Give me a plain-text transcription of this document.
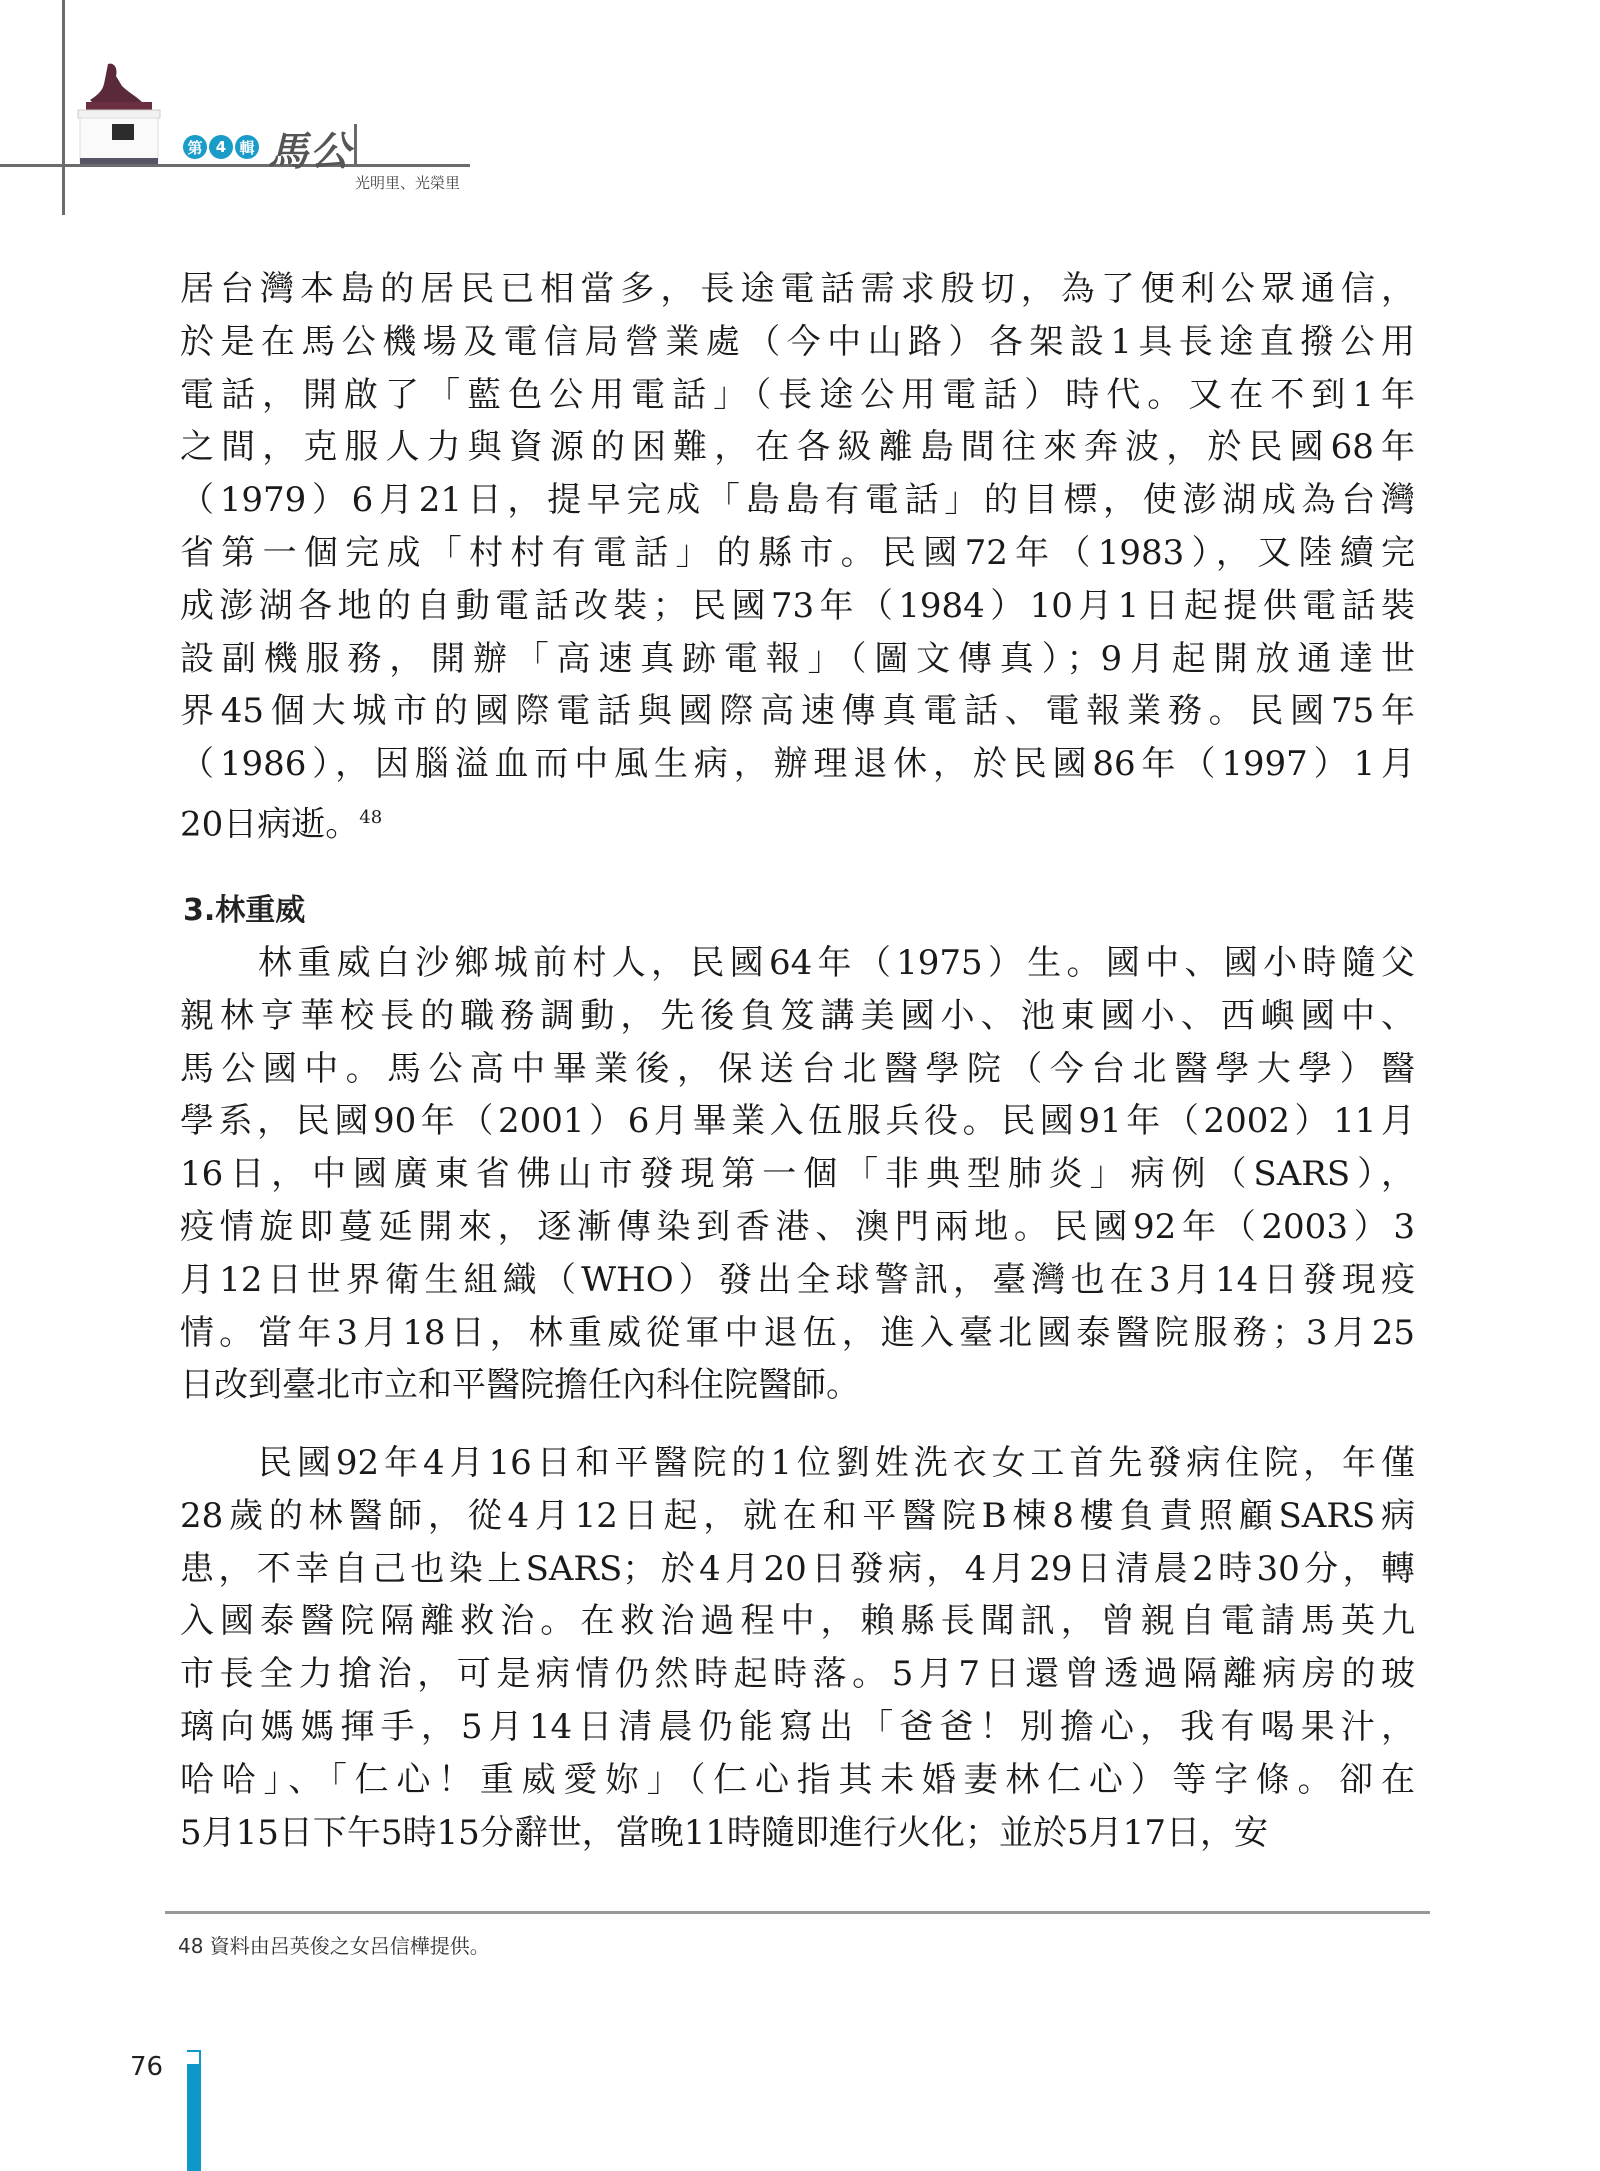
第 4 輯 馬公
光明里、光榮里
居台灣本島的居民已相當多，長途電話需求殷切，為了便利公眾通信，
於是在馬公機場及電信局營業處（今中山路）各架設1具長途直撥公用
電話，開啟了「藍色公用電話」（長途公用電話）時代。又在不到1年
之間，克服人力與資源的困難，在各級離島間往來奔波，於民國68年
（1979）6月21日，提早完成「島島有電話」的目標，使澎湖成為台灣
省第一個完成「村村有電話」的縣市。民國72年（1983），又陸續完
成澎湖各地的自動電話改裝；民國73年（1984）10月1日起提供電話裝
設副機服務，開辦「高速真跡電報」（圖文傳真）；9月起開放通達世
界45個大城市的國際電話與國際高速傳真電話、電報業務。民國75年
（1986），因腦溢血而中風生病，辦理退休，於民國86年（1997）1月
20日病逝。$^{48}$
林重威白沙鄉城前村人，民國64年（1975）生。國中、國小時隨父
親林亨華校長的職務調動，先後負笈講美國小、池東國小、西嶼國中、
馬公國中。馬公高中畢業後，保送台北醫學院（今台北醫學大學）醫
學系，民國90年（2001）6月畢業入伍服兵役。民國91年（2002）11月
16日，中國廣東省佛山市發現第一個「非典型肺炎」病例（SARS），
疫情旋即蔓延開來，逐漸傳染到香港、澳門兩地。民國92年（2003）3
月12日世界衛生組織（WHO）發出全球警訊，臺灣也在3月14日發現疫
情。當年3月18日，林重威從軍中退伍，進入臺北國泰醫院服務；3月25
日改到臺北市立和平醫院擔任內科住院醫師。
民國92年4月16日和平醫院的1位劉姓洗衣女工首先發病住院，年僅
28歲的林醫師，從4月12日起，就在和平醫院B棟8樓負責照顧SARS病
患，不幸自己也染上SARS；於4月20日發病，4月29日清晨2時30分，轉
入國泰醫院隔離救治。在救治過程中，賴縣長聞訊，曾親自電請馬英九
市長全力搶治，可是病情仍然時起時落。5月7日還曾透過隔離病房的玻
璃向媽媽揮手，5月14日清晨仍能寫出「爸爸！別擔心，我有喝果汁，
哈哈」、「仁心！重威愛妳」（仁心指其未婚妻林仁心）等字條。卻在
5月15日下午5時15分辭世，當晚11時隨即進行火化；並於5月17日，安
3.林重威
48 資料由呂英俊之女呂信樺提供。
76
